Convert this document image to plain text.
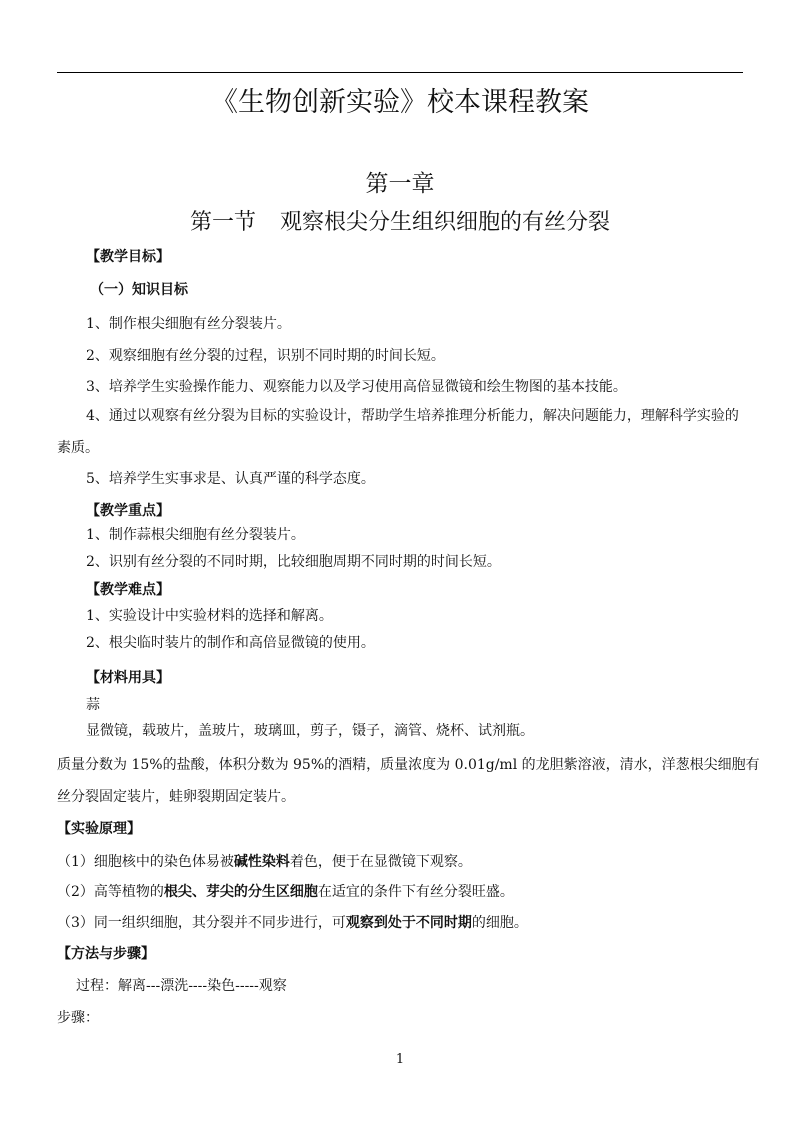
《生物创新实验》校本课程教案
第一章
第一节 观察根尖分生组织细胞的有丝分裂
【教学目标】
（一）知识目标
1、制作根尖细胞有丝分裂装片。
2、观察细胞有丝分裂的过程，识别不同时期的时间长短。
3、培养学生实验操作能力、观察能力以及学习使用高倍显微镜和绘生物图的基本技能。
4、通过以观察有丝分裂为目标的实验设计，帮助学生培养推理分析能力，解决问题能力，理解科学实验的
素质。
5、培养学生实事求是、认真严谨的科学态度。
【教学重点】
1、制作蒜根尖细胞有丝分裂装片。
2、识别有丝分裂的不同时期，比较细胞周期不同时期的时间长短。
【教学难点】
1、实验设计中实验材料的选择和解离。
2、根尖临时装片的制作和高倍显微镜的使用。
【材料用具】
蒜
显微镜，载玻片，盖玻片，玻璃皿，剪子，镊子，滴管、烧杯、试剂瓶。
质量分数为 15%的盐酸，体积分数为 95%的酒精，质量浓度为 0.01g/ml 的龙胆紫溶液，清水，洋葱根尖细胞有
丝分裂固定装片，蛙卵裂期固定装片。
【实验原理】
（1）细胞核中的染色体易被碱性染料着色，便于在显微镜下观察。
（2）高等植物的根尖、芽尖的分生区细胞在适宜的条件下有丝分裂旺盛。
（3）同一组织细胞，其分裂并不同步进行，可观察到处于不同时期的细胞。
【方法与步骤】
过程：解离---漂洗----染色-----观察
步骤：
1
